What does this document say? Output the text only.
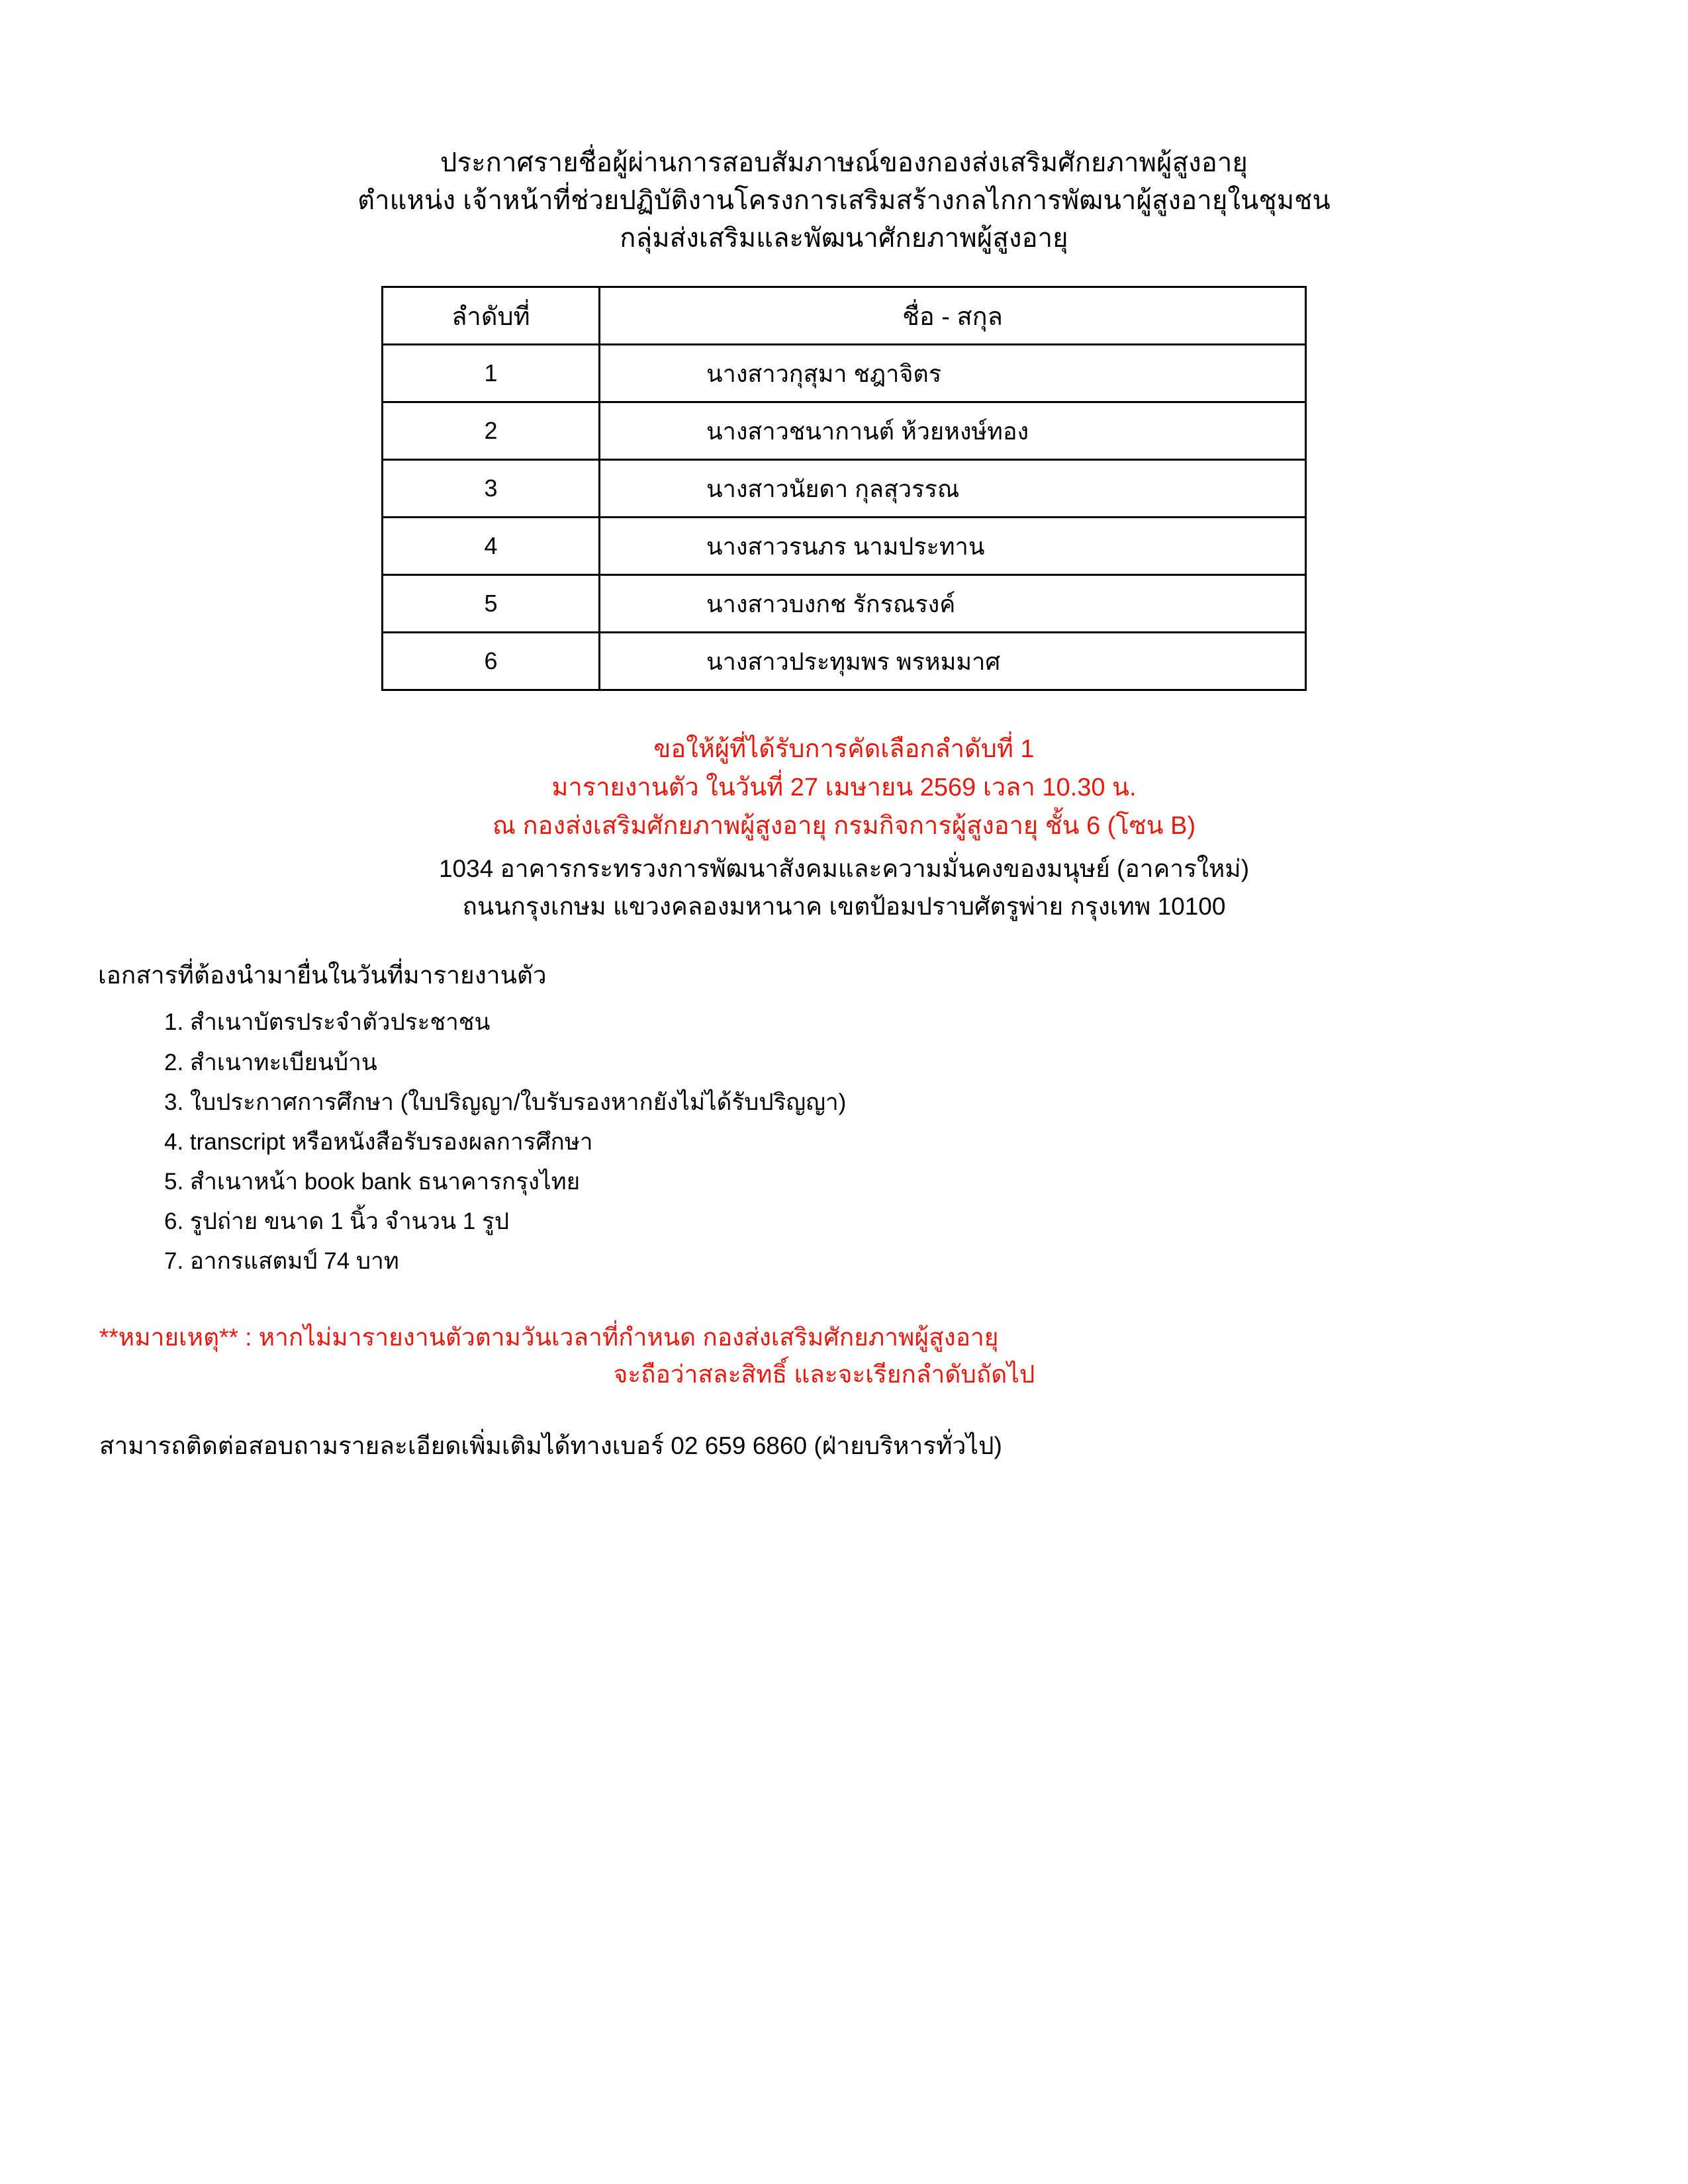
ประกาศรายชื่อผู้ผ่านการสอบสัมภาษณ์ของกองส่งเสริมศักยภาพผู้สูงอายุ
ตำแหน่ง เจ้าหน้าที่ช่วยปฏิบัติงานโครงการเสริมสร้างกลไกการพัฒนาผู้สูงอายุในชุมชน
กลุ่มส่งเสริมและพัฒนาศักยภาพผู้สูงอายุ
ลำดับที่	ชื่อ - สกุล
1	นางสาวกุสุมา ชฎาจิตร
2	นางสาวชนากานต์ ห้วยหงษ์ทอง
3	นางสาวนัยดา กุลสุวรรณ
4	นางสาวรนภร นามประทาน
5	นางสาวบงกช รักรณรงค์
6	นางสาวประทุมพร พรหมมาศ
ขอให้ผู้ที่ได้รับการคัดเลือกลำดับที่ 1
มารายงานตัว ในวันที่ 27 เมษายน 2569 เวลา 10.30 น.
ณ กองส่งเสริมศักยภาพผู้สูงอายุ กรมกิจการผู้สูงอายุ ชั้น 6 (โซน B)
1034 อาคารกระทรวงการพัฒนาสังคมและความมั่นคงของมนุษย์ (อาคารใหม่)
ถนนกรุงเกษม แขวงคลองมหานาค เขตป้อมปราบศัตรูพ่าย กรุงเทพ 10100
เอกสารที่ต้องนำมายื่นในวันที่มารายงานตัว
1. สำเนาบัตรประจำตัวประชาชน
2. สำเนาทะเบียนบ้าน
3. ใบประกาศการศึกษา (ใบปริญญา/ใบรับรองหากยังไม่ได้รับปริญญา)
4. transcript หรือหนังสือรับรองผลการศึกษา
5. สำเนาหน้า book bank ธนาคารกรุงไทย
6. รูปถ่าย ขนาด 1 นิ้ว จำนวน 1 รูป
7. อากรแสตมป์ 74 บาท
**หมายเหตุ** : หากไม่มารายงานตัวตามวันเวลาที่กำหนด กองส่งเสริมศักยภาพผู้สูงอายุ
จะถือว่าสละสิทธิ์ และจะเรียกลำดับถัดไป
สามารถติดต่อสอบถามรายละเอียดเพิ่มเติมได้ทางเบอร์ 02 659 6860 (ฝ่ายบริหารทั่วไป)
